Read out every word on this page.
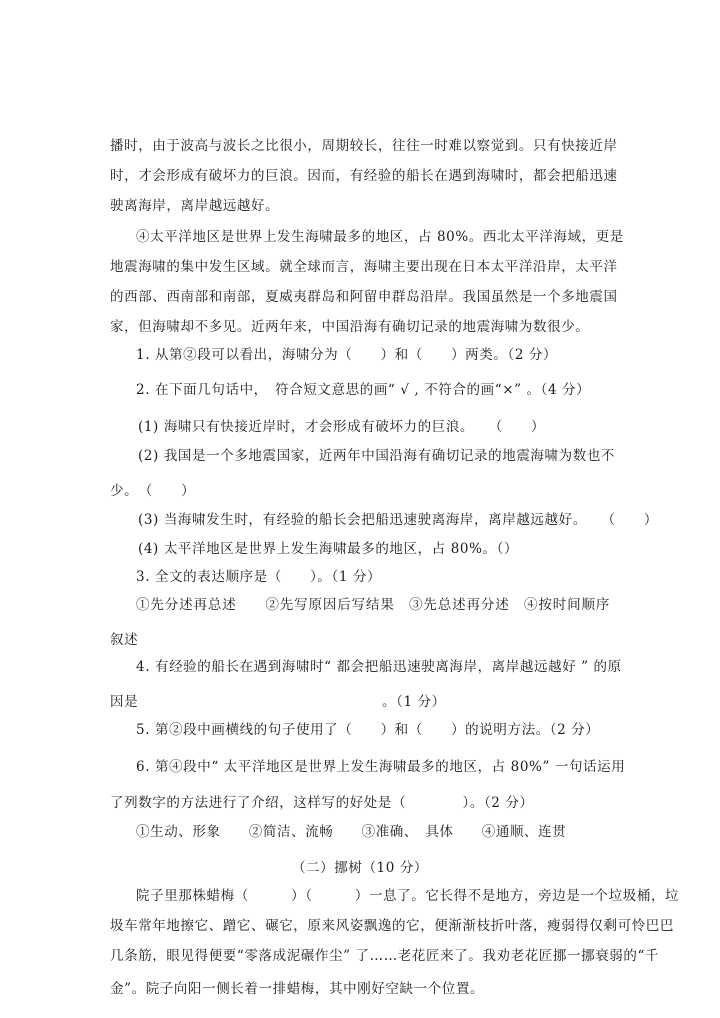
播时，由于波高与波长之比很小，周期较长，往往一时难以察觉到。只有快接近岸
时，才会形成有破坏力的巨浪。因而，有经验的船长在遇到海啸时，都会把船迅速
驶离海岸，离岸越远越好。
④太平洋地区是世界上发生海啸最多的地区，占 80%。西北太平洋海域，更是
地震海啸的集中发生区域。就全球而言，海啸主要出现在日本太平洋沿岸，太平洋
的西部、西南部和南部，夏威夷群岛和阿留申群岛沿岸。我国虽然是一个多地震国
家，但海啸却不多见。近两年来，中国沿海有确切记录的地震海啸为数很少。
1. 从第②段可以看出，海啸分为（　　）和（　　）两类。（2 分）
2. 在下面几句话中，　符合短文意思的画“ √ , 不符合的画“×” 。（4 分）
(1) 海啸只有快接近岸时，才会形成有破坏力的巨浪。　　（　　）
(2) 我国是一个多地震国家，近两年中国沿海有确切记录的地震海啸为数也不
少。　（　　）
(3) 当海啸发生时，有经验的船长会把船迅速驶离海岸，离岸越远越好。　　（　　）
(4) 太平洋地区是世界上发生海啸最多的地区，占 80%。（）
3. 全文的表达顺序是（　　）。（1 分）
①先分述再总述　　②先写原因后写结果　③先总述再分述　④按时间顺序
叙述
4. 有经验的船长在遇到海啸时“ 都会把船迅速驶离海岸，离岸越远越好 ” 的原
因是	。（1 分）
5. 第②段中画横线的句子使用了（　　）和（　　）的说明方法。（2 分）
6. 第④段中“ 太平洋地区是世界上发生海啸最多的地区，占 80%” 一句话运用
了列数字的方法进行了介绍，这样写的好处是（　　　　）。（2 分）
①生动、形象　　②简洁、流畅　　③准确、　具体　　④通顺、连贯
（二）挪树（10 分）
院子里那株蜡梅（　　　）（　　　）一息了。它长得不是地方，旁边是一个垃圾桶，垃
圾车常年地擦它、蹭它、碾它，原来风姿飘逸的它，便渐渐枝折叶落，瘦弱得仅剩可怜巴巴
几条筋，眼见得便要“零落成泥碾作尘” 了……老花匠来了。我劝老花匠挪一挪衰弱的“千
金”。院子向阳一侧长着一排蜡梅，其中刚好空缺一个位置。
